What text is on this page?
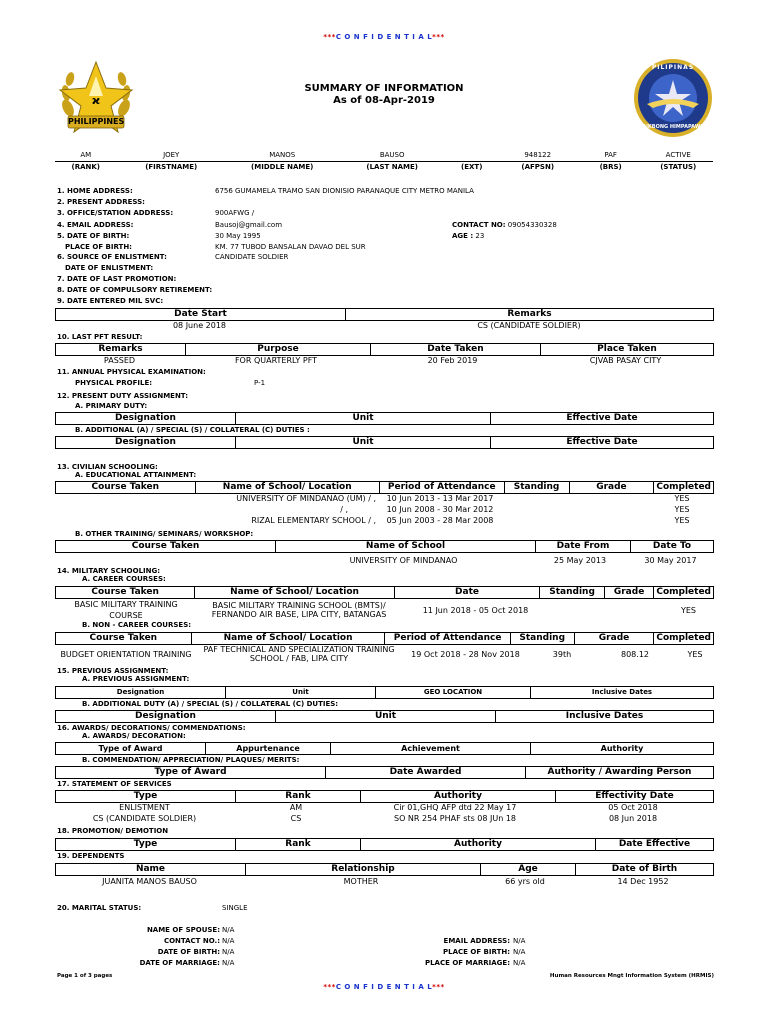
***C O N F I D E N T I A L***
PHILIPPINES
ϰ
PILIPINAS
HUKBONG HIMPAPAWID
SUMMARY OF INFORMATION
As of 08-Apr-2019
AM	JOEY	MANOS	BAUSO		948122	PAF	ACTIVE
(RANK)	(FIRSTNAME)	(MIDDLE NAME)	(LAST NAME)	(EXT)	(AFPSN)	(BRS)	(STATUS)
1. HOME ADDRESS:	6756 GUMAMELA TRAMO SAN DIONISIO PARANAQUE CITY METRO MANILA
2. PRESENT ADDRESS:
3. OFFICE/STATION ADDRESS:	900AFWG /
4. EMAIL ADDRESS:	Bausoj@gmail.com	CONTACT NO: 09054330328
5. DATE OF BIRTH:	30 May 1995	AGE : 23
PLACE OF BIRTH:	KM. 77 TUBOD BANSALAN DAVAO DEL SUR
6. SOURCE OF ENLISTMENT:	CANDIDATE SOLDIER
DATE OF ENLISTMENT:
7. DATE OF LAST PROMOTION:
8. DATE OF COMPULSORY RETIREMENT:
9. DATE ENTERED MIL SVC:
Date Start	Remarks
08 June 2018	CS (CANDIDATE SOLDIER)
10. LAST PFT RESULT:
Remarks	Purpose	Date Taken	Place Taken
PASSED	FOR QUARTERLY PFT	20 Feb 2019	CJVAB PASAY CITY
11. ANNUAL PHYSICAL EXAMINATION:
PHYSICAL PROFILE:	P-1
12. PRESENT DUTY ASSIGNMENT:
A. PRIMARY DUTY:
Designation	Unit	Effective Date
B. ADDITIONAL (A) / SPECIAL (S) / COLLATERAL (C) DUTIES :
Designation	Unit	Effective Date
13. CIVILIAN SCHOOLING:
A. EDUCATIONAL ATTAINMENT:
Course Taken	Name of School/ Location	Period of Attendance	Standing	Grade	Completed
	UNIVERSITY OF MINDANAO (UM) / ,	10 Jun 2013 - 13 Mar 2017			YES
	/ ,	10 Jun 2008 - 30 Mar 2012			YES
	RIZAL ELEMENTARY SCHOOL / ,	05 Jun 2003 - 28 Mar 2008			YES
B. OTHER TRAINING/ SEMINARS/ WORKSHOP:
Course Taken	Name of School	Date From	Date To
	UNIVERSITY OF MINDANAO	25 May 2013	30 May 2017
14. MILITARY SCHOOLING:
A. CAREER COURSES:
Course Taken	Name of School/ Location	Date	Standing	Grade	Completed
BASIC MILITARY TRAINING COURSE	BASIC MILITARY TRAINING SCHOOL (BMTS)/ FERNANDO AIR BASE, LIPA CITY, BATANGAS	11 Jun 2018 - 05 Oct 2018			YES
B. NON - CAREER COURSES:
Course Taken	Name of School/ Location	Period of Attendance	Standing	Grade	Completed
BUDGET ORIENTATION TRAINING	PAF TECHNICAL AND SPECIALIZATION TRAINING SCHOOL / FAB, LIPA CITY	19 Oct 2018 - 28 Nov 2018	39th	808.12	YES
15. PREVIOUS ASSIGNMENT:
A. PREVIOUS ASSIGNMENT:
Designation	Unit	GEO LOCATION	Inclusive Dates
B. ADDITIONAL DUTY (A) / SPECIAL (S) / COLLATERAL (C) DUTIES:
Designation	Unit	Inclusive Dates
16. AWARDS/ DECORATIONS/ COMMENDATIONS:
A. AWARDS/ DECORATION:
Type of Award	Appurtenance	Achievement	Authority
B. COMMENDATION/ APPRECIATION/ PLAQUES/ MERITS:
Type of Award	Date Awarded	Authority / Awarding Person
17. STATEMENT OF SERVICES
Type	Rank	Authority	Effectivity Date
ENLISTMENT	AM	Cir 01,GHQ AFP dtd 22 May 17	05 Oct 2018
CS (CANDIDATE SOLDIER)	CS	SO NR 254 PHAF sts 08 JUn 18	08 Jun 2018
18. PROMOTION/ DEMOTION
Type	Rank	Authority	Date Effective
19. DEPENDENTS
Name	Relationship	Age	Date of Birth
JUANITA MANOS BAUSO	MOTHER	66 yrs old	14 Dec 1952
20. MARITAL STATUS:	SINGLE
NAME OF SPOUSE: N/A
CONTACT NO.: N/A
DATE OF BIRTH: N/A
DATE OF MARRIAGE: N/A
EMAIL ADDRESS: N/A
PLACE OF BIRTH: N/A
PLACE OF MARRIAGE: N/A
Page 1 of 3 pages	Human Resources Mngt Information System (HRMIS)
***C O N F I D E N T I A L***
